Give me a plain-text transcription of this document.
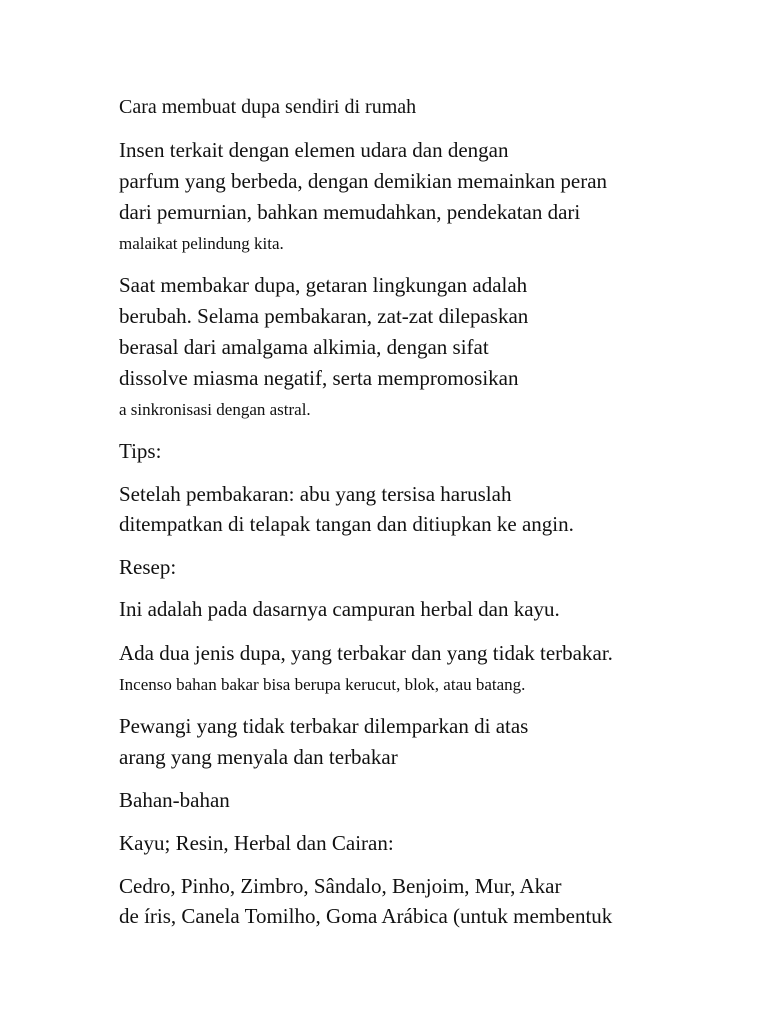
Cara membuat dupa sendiri di rumah
Insen terkait dengan elemen udara dan dengan
parfum yang berbeda, dengan demikian memainkan peran
dari pemurnian, bahkan memudahkan, pendekatan dari
malaikat pelindung kita.
Saat membakar dupa, getaran lingkungan adalah
berubah. Selama pembakaran, zat-zat dilepaskan
berasal dari amalgama alkimia, dengan sifat
dissolve miasma negatif, serta mempromosikan
a sinkronisasi dengan astral.
Tips:
Setelah pembakaran: abu yang tersisa haruslah
ditempatkan di telapak tangan dan ditiupkan ke angin.
Resep:
Ini adalah pada dasarnya campuran herbal dan kayu.
Ada dua jenis dupa, yang terbakar dan yang tidak terbakar.
Incenso bahan bakar bisa berupa kerucut, blok, atau batang.
Pewangi yang tidak terbakar dilemparkan di atas
arang yang menyala dan terbakar
Bahan-bahan
Kayu; Resin, Herbal dan Cairan:
Cedro, Pinho, Zimbro, Sândalo, Benjoim, Mur, Akar
de íris, Canela Tomilho, Goma Arábica (untuk membentuk
